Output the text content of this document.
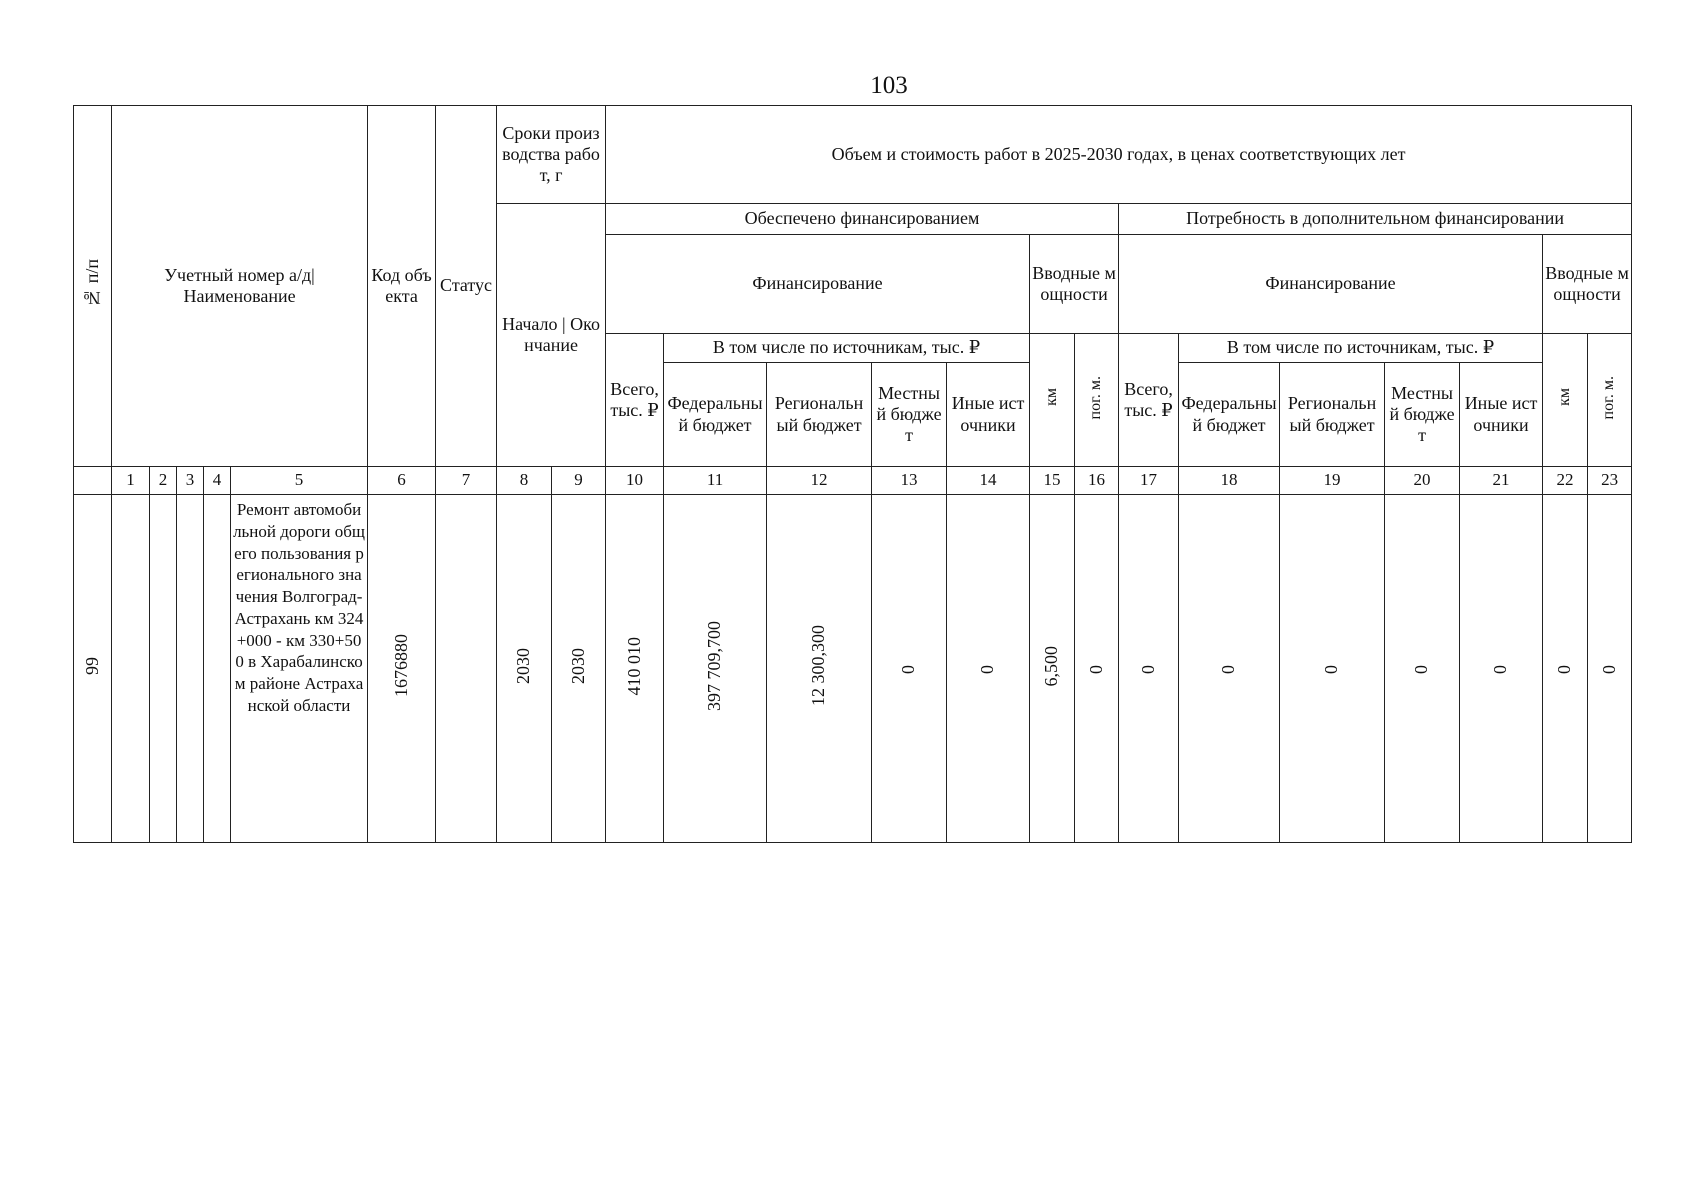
103
№ п/п	Учетный номер а/д| Наименование					Код объекта	Статус	Сроки производства работ, г		Объем и стоимость работ в 2025-2030 годах, в ценах соответствующих лет													
								Начало | Окончание		Обеспечено финансированием							Потребность в дополнительном финансировании						
										Финансирование					Вводные мощности		Финансирование					Вводные мощности	
										Всего, тыс. ₽	В том числе по источникам, тыс. ₽				км	пог. м.	Всего, тыс. ₽	В том числе по источникам, тыс. ₽				км	пог. м.
											Федеральный бюджет	Региональный бюджет	Местный бюджет	Иные источники				Федеральный бюджет	Региональный бюджет	Местный бюджет	Иные источники		
	1	2	3	4	5	6	7	8	9	10	11	12	13	14	15	16	17	18	19	20	21	22	23
99					Ремонт автомобильной дороги общего пользования регионального значения Волгоград-Астрахань км 324+000 - км 330+500 в Харабалинском районе Астраханской области	1676880		2030	2030	410 010	397 709,700	12 300,300	0	0	6,500	0	0	0	0	0	0	0	0
